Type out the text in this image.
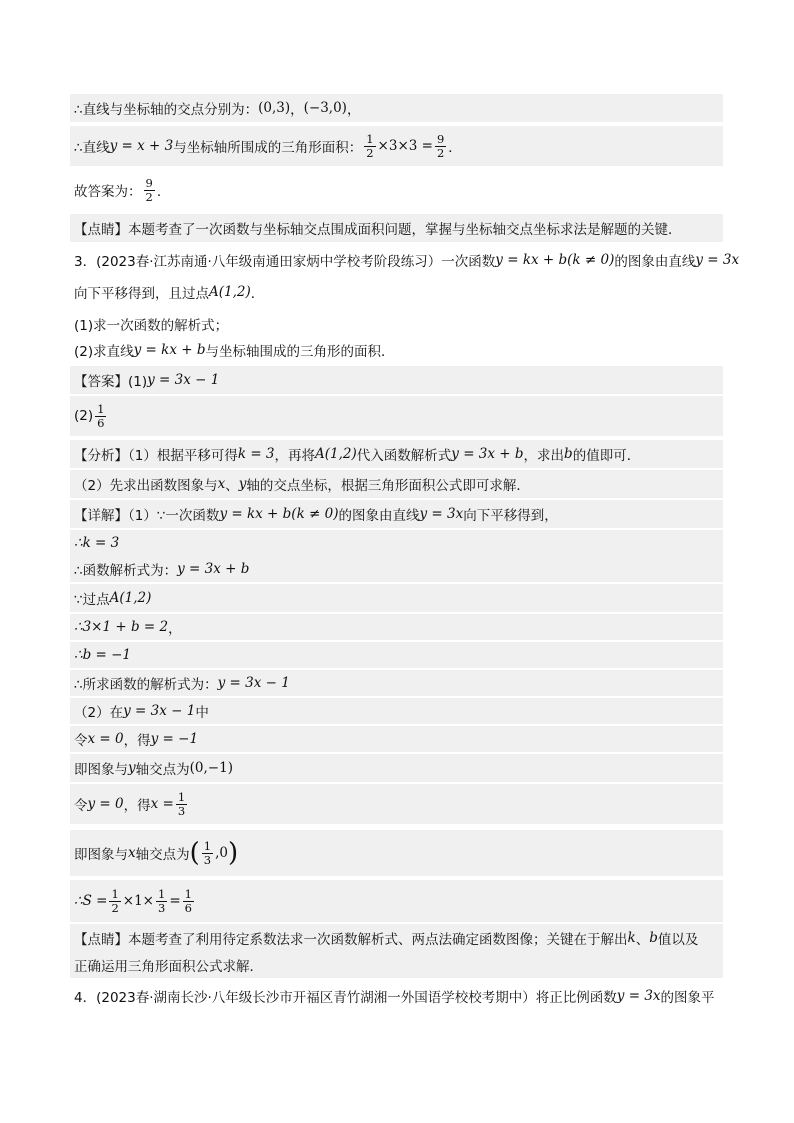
∴直线与坐标轴的交点分别为： (0,3) ， (−3,0) ，
∴直线 y = x + 3 与坐标轴所围成的三角形面积： $\frac{1}{2} \times 3\times 3 = \frac{9}{2}$ ．
故答案为： $\frac{9}{2}$ ．
【点睛】本题考查了一次函数与坐标轴交点围成面积问题，掌握与坐标轴交点坐标求法是解题的关键．
3．(2023春·江苏南通·八年级南通田家炳中学校考阶段练习）一次函数 y = kx + b (k ≠ 0) 的图象由直线 y = 3x
向下平移得到，且过点 A(1,2) ．
(1)求一次函数的解析式；
(2)求直线 y = kx + b 与坐标轴围成的三角形的面积．
【答案】(1) y = 3x − 1
$(2) \frac{1}{6}$
【分析】（1）根据平移可得 k = 3 ，再将 A(1,2) 代入函数解析式 y = 3x + b ，求出 b 的值即可．
（2）先求出函数图象与 x 、 y 轴的交点坐标，根据三角形面积公式即可求解．
【详解】（1）∵一次函数 y = kx + b (k ≠ 0) 的图象由直线 y = 3x 向下平移得到，
∴k = 3
∴函数解析式为： y = 3x + b
∵过点 A(1,2)
∴3×1 + b = 2 ，
∴b = −1
∴所求函数的解析式为： y = 3x − 1
（2）在 y = 3x − 1 中
令 x = 0 ，得 y = −1
即图象与 y 轴交点为 (0,−1)
令 y = 0 ，得 $x = \frac{1}{3}$
即图象与 x 轴交点为 ( $\frac{1}{3} ,0$ )
∴S = $\frac{1}{2} \times 1\times \frac{1}{3} = \frac{1}{6}$
【点睛】本题考查了利用待定系数法求一次函数解析式、两点法确定函数图像；关键在于解出 k 、 b 值以及
正确运用三角形面积公式求解．
4．(2023春·湖南长沙·八年级长沙市开福区青竹湖湘一外国语学校校考期中）将正比例函数 y = 3x 的图象平
